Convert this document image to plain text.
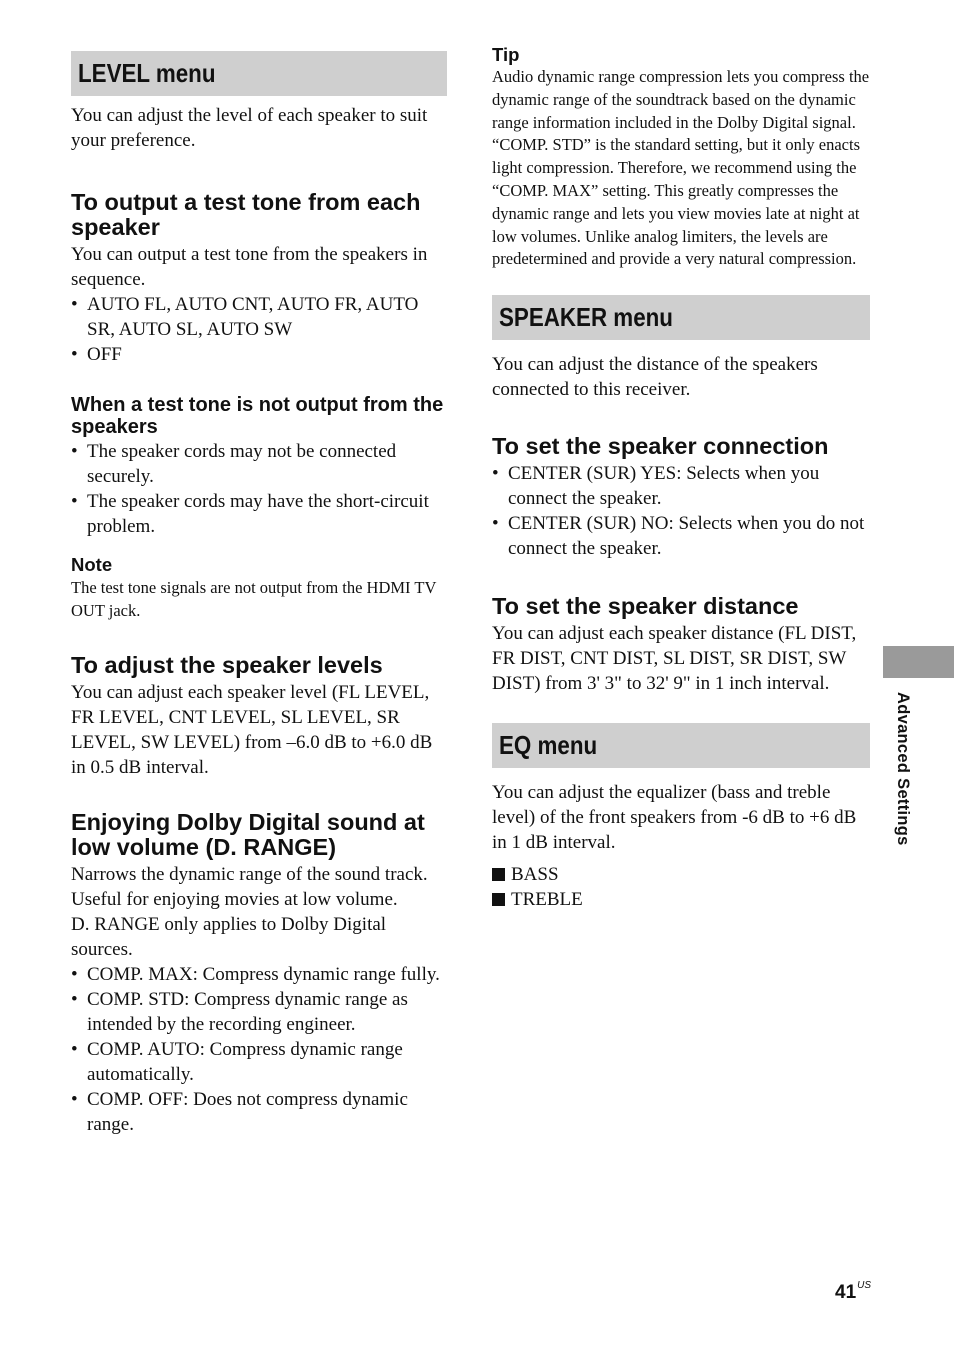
LEVEL menu

You can adjust the level of each speaker to suit your preference.

To output a test tone from each speaker

You can output a test tone from the speakers in sequence.

• AUTO FL, AUTO CNT, AUTO FR, AUTO SR, AUTO SL, AUTO SW
• OFF
When a test tone is not output from the speakers
• The speaker cords may not be connected securely.
• The speaker cords may have the short-circuit problem.
Note

The test tone signals are not output from the HDMI TV OUT jack.

To adjust the speaker levels

You can adjust each speaker level (FL LEVEL, FR LEVEL, CNT LEVEL, SL LEVEL, SR LEVEL, SW LEVEL) from –6.0 dB to +6.0 dB in 0.5 dB interval.

Enjoying Dolby Digital sound at low volume (D. RANGE)

Narrows the dynamic range of the sound track. Useful for enjoying movies at low volume.

D. RANGE only applies to Dolby Digital sources.

• COMP. MAX: Compress dynamic range fully.
• COMP. STD: Compress dynamic range as intended by the recording engineer.
• COMP. AUTO: Compress dynamic range automatically.
• COMP. OFF: Does not compress dynamic range.
Tip

Audio dynamic range compression lets you compress the dynamic range of the soundtrack based on the dynamic range information included in the Dolby Digital signal.

“COMP. STD” is the standard setting, but it only enacts light compression. Therefore, we recommend using the “COMP. MAX” setting. This greatly compresses the dynamic range and lets you view movies late at night at low volumes. Unlike analog limiters, the levels are predetermined and provide a very natural compression.

SPEAKER menu

You can adjust the distance of the speakers connected to this receiver.

To set the speaker connection
• CENTER (SUR) YES: Selects when you connect the speaker.
• CENTER (SUR) NO: Selects when you do not connect the speaker.
To set the speaker distance

You can adjust each speaker distance (FL DIST, FR DIST, CNT DIST, SL DIST, SR DIST, SW DIST) from 3' 3" to 32' 9" in 1 inch interval.

EQ menu

You can adjust the equalizer (bass and treble level) of the front speakers from -6 dB to +6 dB in 1 dB interval.

BASS
TREBLE
Advanced Settings
$41^{US}$
